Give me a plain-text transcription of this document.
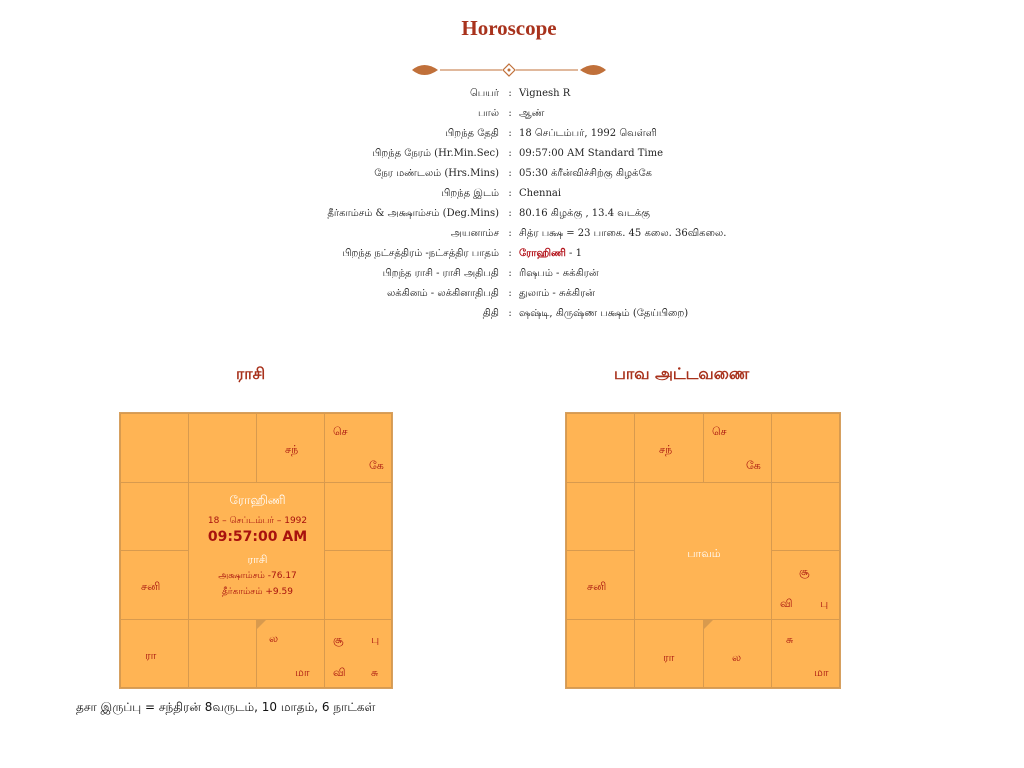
Horoscope
பெயர் : Vignesh R
பால் : ஆண்
பிறந்த தேதி : 18 செப்டம்பர், 1992 வெள்ளி
பிறந்த நேரம் (Hr.Min.Sec) : 09:57:00 AM Standard Time
நேர மண்டலம் (Hrs.Mins) : 05:30 க்ரீன்விச்சிற்கு கிழக்கே
பிறந்த இடம் : Chennai
தீர்காம்சம் & அக்ஷாம்சம் (Deg.Mins) : 80.16 கிழக்கு , 13.4 வடக்கு
அயனாம்ச : சித்ர பக்ஷ = 23 பாகை. 45 கலை. 36விகலை.
பிறந்த நட்சத்திரம் -நட்சத்திர பாதம் : ரோஹிணி - 1
பிறந்த ராசி - ராசி அதிபதி : ரிஷபம் - சுக்கிரன்
லக்கினம் - லக்கினாதிபதி : துலாம் - சுக்கிரன்
திதி : ஷஷ்டி, கிருஷ்ண பக்ஷம் (தேய்பிறை)
ராசி
சந்
செ
கே
சனி
ரோஹிணி
18 – செப்டம்பர் – 1992
09:57:00 AM
ராசி
அக்ஷாம்சம் -76.17
தீர்காம்சம் +9.59
ரா
ல
மா
சூ பு
வி சு
பாவ அட்டவணை
சந்
செ
கே
சனி
சூ
வி பு
பாவம்
ரா	ல
சு
மா
தசா இருப்பு = சந்திரன் 8வருடம், 10 மாதம், 6 நாட்கள்
